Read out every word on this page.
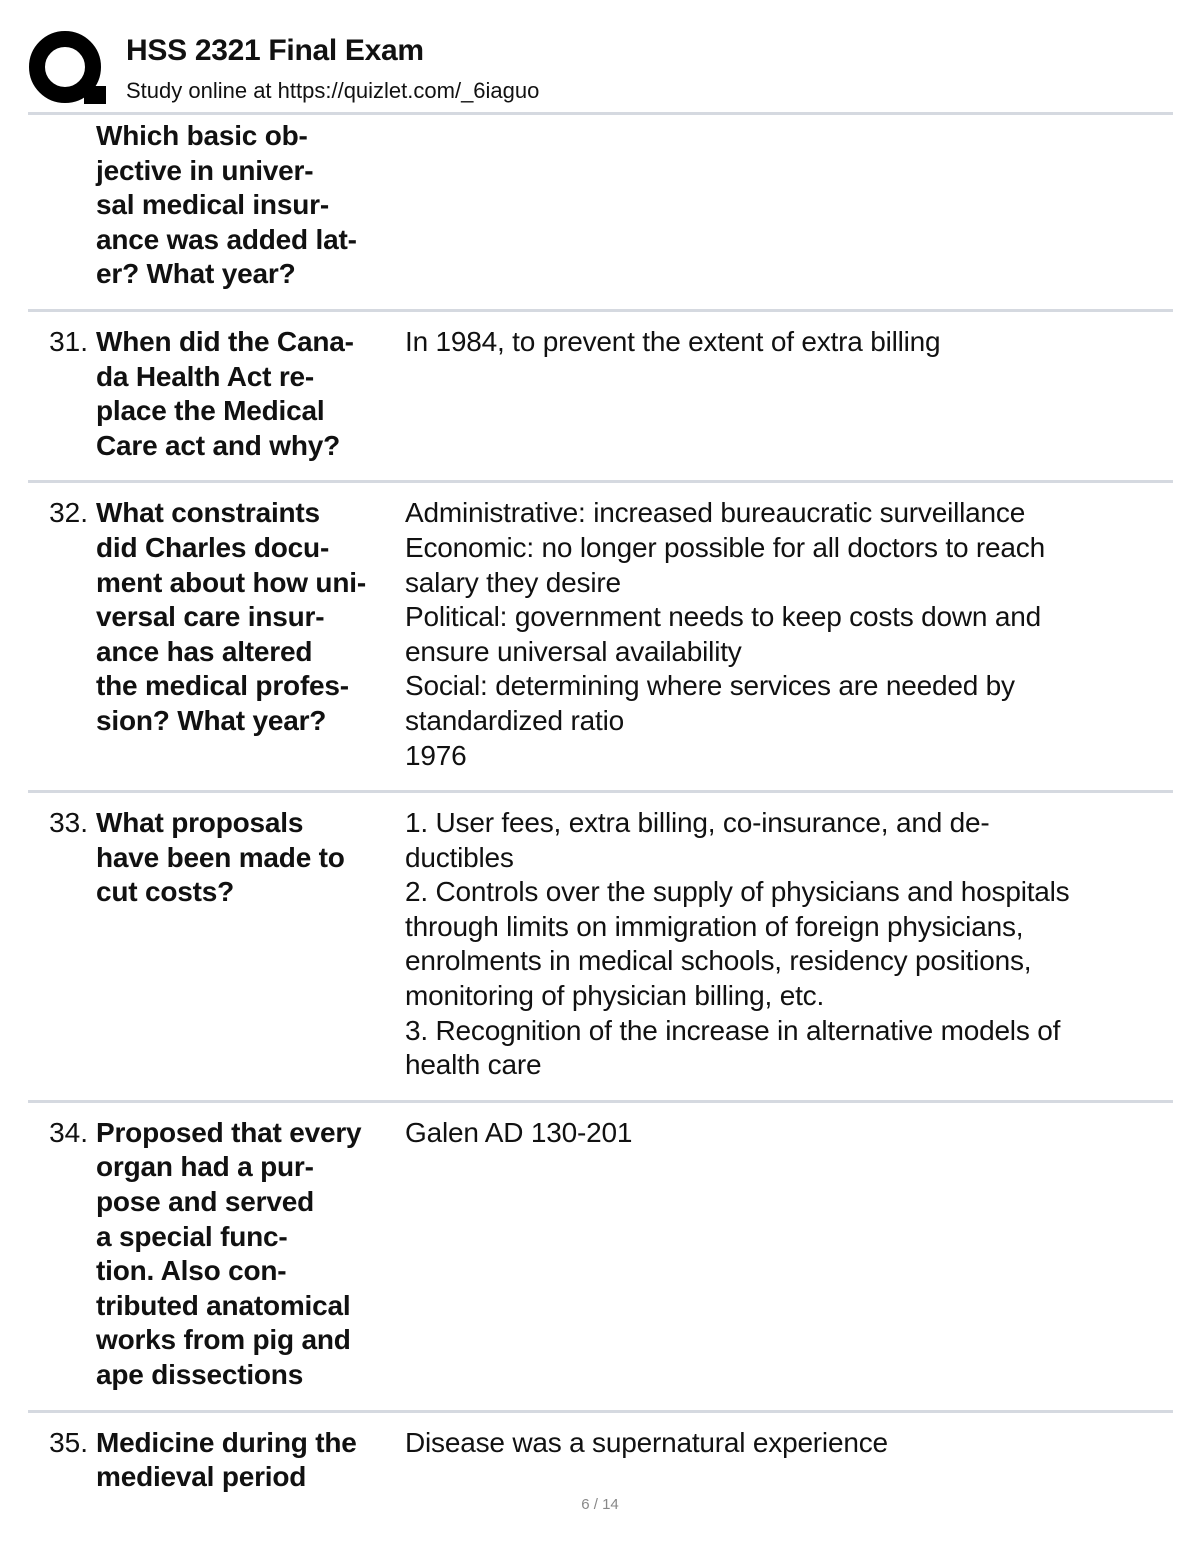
HSS 2321 Final Exam
Study online at https://quizlet.com/_6iaguo
Which basic ob-
jective in univer-
sal medical insur-
ance was added lat-
er? What year?
31. When did the Cana-
da Health Act re-
place the Medical
Care act and why?
In 1984, to prevent the extent of extra billing
32. What constraints
did Charles docu-
ment about how uni-
versal care insur-
ance has altered
the medical profes-
sion? What year?
Administrative: increased bureaucratic surveillance
Economic: no longer possible for all doctors to reach
salary they desire
Political: government needs to keep costs down and
ensure universal availability
Social: determining where services are needed by
standardized ratio
1976
33. What proposals
have been made to
cut costs?
1. User fees, extra billing, co-insurance, and de-
ductibles
2. Controls over the supply of physicians and hospitals
through limits on immigration of foreign physicians,
enrolments in medical schools, residency positions,
monitoring of physician billing, etc.
3. Recognition of the increase in alternative models of
health care
34. Proposed that every
organ had a pur-
pose and served
a special func-
tion. Also con-
tributed anatomical
works from pig and
ape dissections
Galen AD 130-201
35. Medicine during the
medieval period
Disease was a supernatural experience
6 / 14
